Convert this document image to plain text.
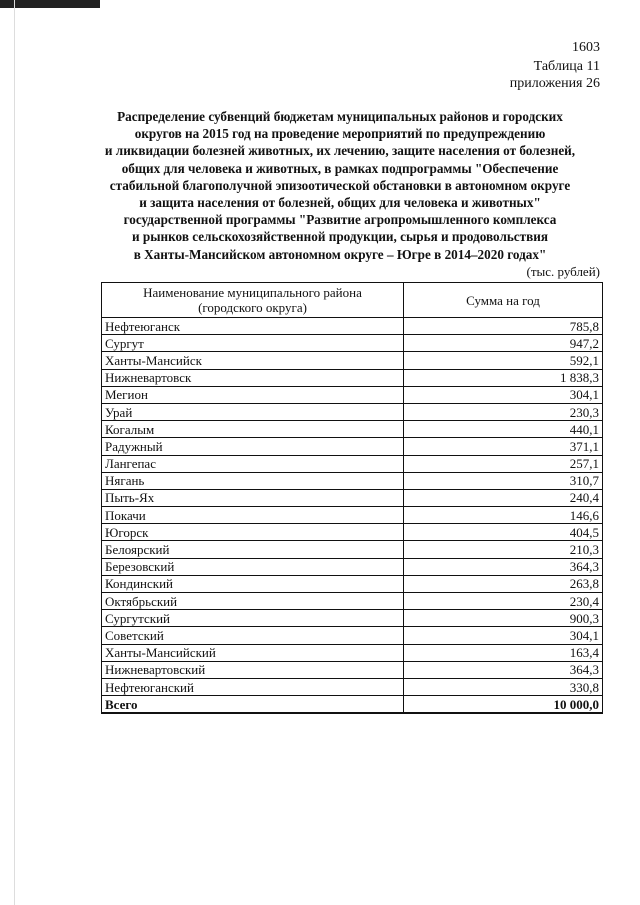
1603
Таблица 11
приложения 26
Распределение субвенций бюджетам муниципальных районов и городских
округов на 2015 год на проведение мероприятий по предупреждению
и ликвидации болезней животных, их лечению, защите населения от болезней,
общих для человека и животных, в рамках подпрограммы "Обеспечение
стабильной благополучной эпизоотической обстановки в автономном округе
и защита населения от болезней, общих для человека и животных"
государственной программы "Развитие агропромышленного комплекса
и рынков сельскохозяйственной продукции, сырья и продовольствия
в Ханты-Мансийском автономном округе – Югре в 2014–2020 годах"
(тыс. рублей)
Наименование муниципального района
(городского округа)	Сумма на год
Нефтеюганск	785,8
Сургут	947,2
Ханты-Мансийск	592,1
Нижневартовск	1 838,3
Мегион	304,1
Урай	230,3
Когалым	440,1
Радужный	371,1
Лангепас	257,1
Нягань	310,7
Пыть-Ях	240,4
Покачи	146,6
Югорск	404,5
Белоярский	210,3
Березовский	364,3
Кондинский	263,8
Октябрьский	230,4
Сургутский	900,3
Советский	304,1
Ханты-Мансийский	163,4
Нижневартовский	364,3
Нефтеюганский	330,8
Всего	10 000,0
